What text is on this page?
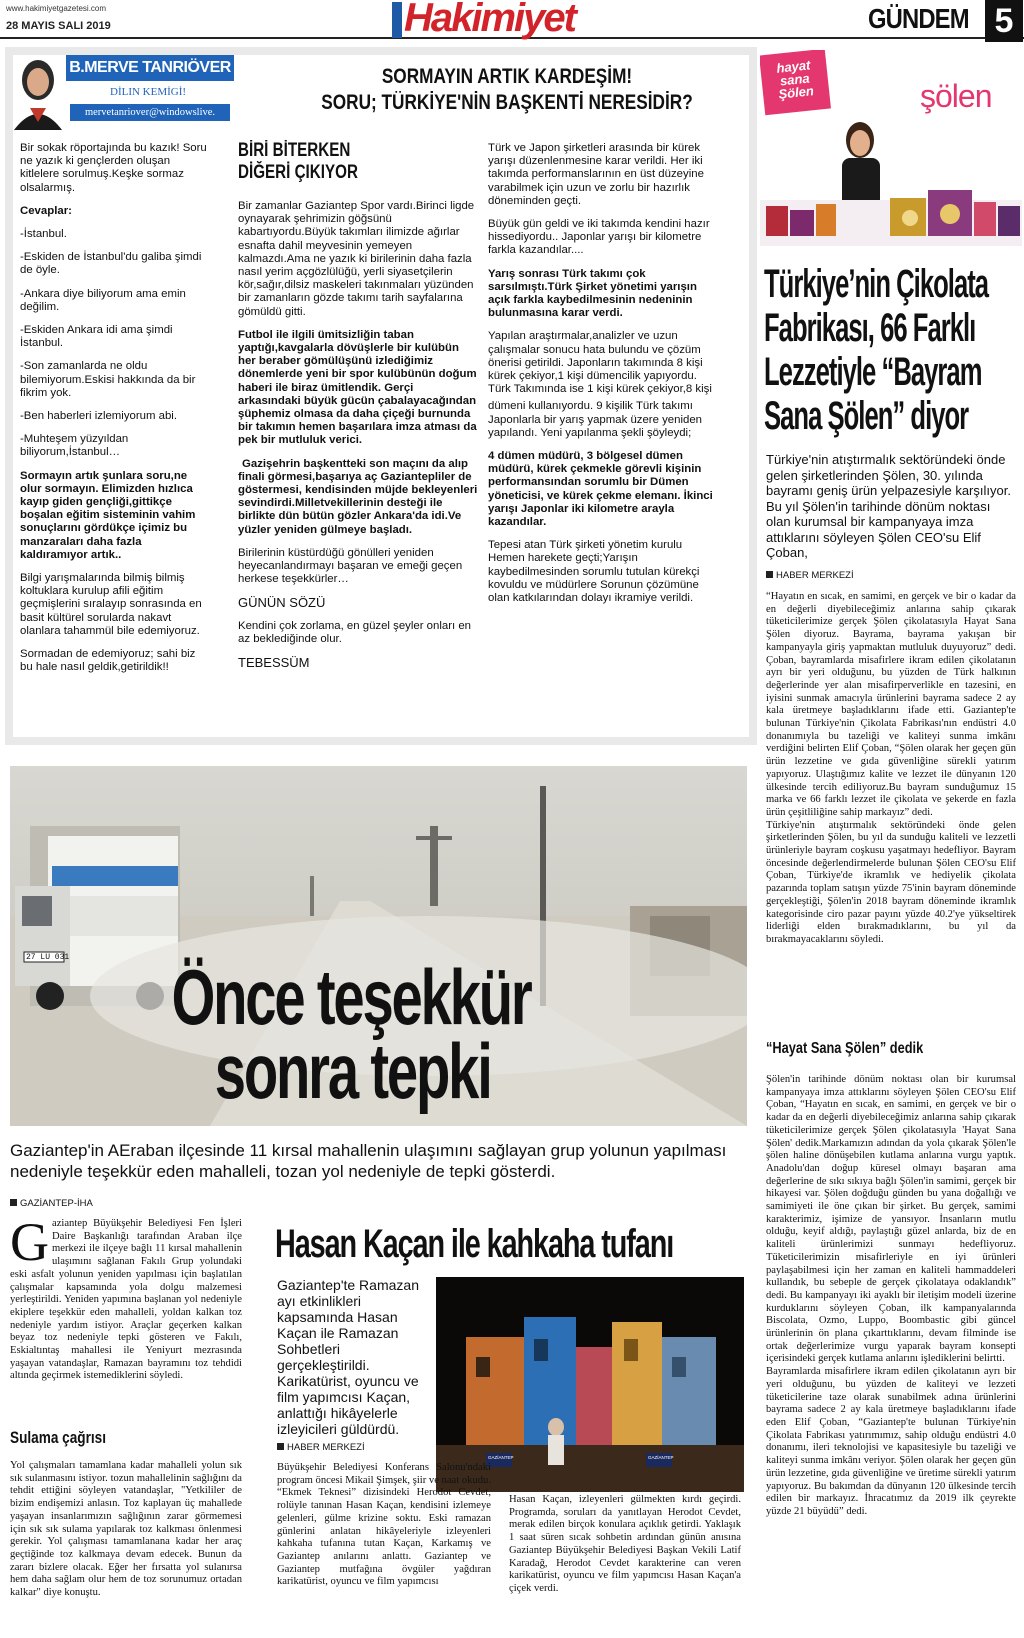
www.hakimiyetgazetesi.com
28 MAYIS SALI 2019	Hakimiyet	GÜNDEM 5
B.MERVE TANRIÖVER
DİLIN KEMİGİ!
mervetanriover@windowslive.
SORMAYIN ARTIK KARDEŞİM!
SORU; TÜRKİYE'NİN BAŞKENTİ NERESİDİR?

Bir sokak röportajında bu kazık! Soru ne yazık ki gençlerden oluşan kitlelere sorulmuş.Keşke sormaz olsalarmış.

Cevaplar:

-İstanbul.

-Eskiden de İstanbul'du galiba şimdi de öyle.

-Ankara diye biliyorum ama emin değilim.

-Eskiden Ankara idi ama şimdi İstanbul.

-Son zamanlarda ne oldu bilemiyorum.Eskisi hakkında da bir fikrim yok.

-Ben haberleri izlemiyorum abi.

-Muhteşem yüzyıldan biliyorum,İstanbul…

Sormayın artık şunlara soru,ne olur sormayın. Elimizden hızlıca kayıp giden gençliği,gittikçe boşalan eğitim sisteminin vahim sonuçlarını gördükçe içimiz bu manzaraları daha fazla kaldıramıyor artık..

Bilgi yarışmalarında bilmiş bilmiş koltuklara kurulup afili eğitim geçmişlerini sıralayıp sonrasında en basit kültürel sorularda nakavt olanlara tahammül bile edemiyoruz.

Sormadan de edemiyoruz; sahi biz bu hale nasıl geldik,getirildik!!

BİRİ BİTERKEN
DİĞERİ ÇIKIYOR

Bir zamanlar Gaziantep Spor vardı.Birinci ligde oynayarak şehrimizin göğsünü kabartıyordu.Büyük takımları ilimizde ağırlar esnafta dahil meyvesinin yemeyen kalmazdı.Ama ne yazık ki birilerinin daha fazla nasıl yerim açgözlülüğü, yerli siyasetçilerin kör,sağır,dilsiz maskeleri takınmaları yüzünden bir zamanların gözde takımı tarih sayfalarına gömüldü gitti.

Futbol ile ilgili ümitsizliğin taban yaptığı,kavgalarla dövüşlerle bir kulübün her beraber gömülüşünü izlediğimiz dönemlerde yeni bir spor kulübünün doğum haberi ile biraz ümitlendik. Gerçi arkasındaki büyük gücün çabalayacağından şüphemiz olmasa da daha çiçeği burnunda bir takımın hemen başarılara imza atması da pek bir mutluluk verici.

Gazişehrin başkentteki son maçını da alıp finali görmesi,başarıya aç Gaziantepliler de göstermesi, kendisinden müjde bekleyenleri sevindirdi.Milletvekillerinin desteği ile birlikte dün bütün gözler Ankara'da idi.Ve yüzler yeniden gülmeye başladı.

Birilerinin küstürdüğü gönülleri yeniden heyecanlandırmayı başaran ve emeği geçen herkese teşekkürler…

GÜNÜN SÖZÜ

Kendini çok zorlama, en güzel şeyler onları en az beklediğinde olur.

TEBESSÜM

Türk ve Japon şirketleri arasında bir kürek yarışı düzenlenmesine karar verildi. Her iki takımda performanslarının en üst düzeyine varabilmek için uzun ve zorlu bir hazırlık döneminden geçti.

Büyük gün geldi ve iki takımda kendini hazır hissediyordu.. Japonlar yarışı bir kilometre farkla kazandılar....

Yarış sonrası Türk takımı çok sarsılmıştı.Türk Şirket yönetimi yarışın açık farkla kaybedilmesinin nedeninin bulunmasına karar verdi.

Yapılan araştırmalar,analizler ve uzun çalışmalar sonucu hata bulundu ve çözüm önerisi getirildi. Japonların takımında 8 kişi kürek çekiyor,1 kişi dümencilik yapıyordu. Türk Takımında ise 1 kişi kürek çekiyor,8 kişi

dümeni kullanıyordu. 9 kişilik Türk takımı Japonlarla bir yarış yapmak üzere yeniden yapılandı. Yeni yapılanma şekli şöyleydi;

4 dümen müdürü, 3 bölgesel dümen müdürü, kürek çekmekle görevli kişinin performansından sorumlu bir Dümen yöneticisi, ve kürek çekme elemanı. İkinci yarışı Japonlar iki kilometre arayla kazandılar.

Tepesi atan Türk şirketi yönetim kurulu Hemen harekete geçti;Yarışın kaybedilmesinden sorumlu tutulan kürekçi kovuldu ve müdürlere Sorunun çözümüne olan katkılarından dolayı ikramiye verildi.

hayat
sana
Şölen	şölen
Türkiye’nin Çikolata Fabrikası, 66 Farklı Lezzetiyle “Bayram Sana Şölen” diyor
Türkiye'nin atıştırmalık sektöründeki önde gelen şirketlerinden Şölen, 30. yılında bayramı geniş ürün yelpazesiyle karşılıyor. Bu yıl Şölen'in tarihinde dönüm noktası olan kurumsal bir kampanyaya imza attıklarını söyleyen Şölen CEO'su Elif Çoban,
HABER MERKEZİ

“Hayatın en sıcak, en samimi, en gerçek ve bir o kadar da en değerli diyebileceğimiz anlarına sahip çıkarak tüketicilerimize gerçek Şölen çikolatasıyla Hayat Sana Şölen diyoruz. Bayrama, bayrama yakışan bir kampanyayla giriş yapmaktan mutluluk duyuyoruz” dedi. Çoban, bayramlarda misafirlere ikram edilen çikolatanın ayrı bir yeri olduğunu, bu yüzden de Türk halkının değerlerinde yer alan misafirperverlikle en tazesini, en iyisini sunmak amacıyla ürünlerini bayrama sadece 2 ay kala üretmeye başladıklarını ifade etti. Gaziantep'te bulunan Türkiye'nin Çikolata Fabrikası'nın endüstri 4.0 donanımıyla bu tazeliği ve kaliteyi sunma imkânı verdiğini belirten Elif Çoban, “Şölen olarak her geçen gün ürün lezzetine ve gıda güvenliğine sürekli yatırım yapıyoruz. Ulaştığımız kalite ve lezzet ile dünyanın 120 ülkesinde tercih ediliyoruz.Bu bayram sunduğumuz 15 marka ve 66 farklı lezzet ile çikolata ve şekerde en fazla ürün çeşitliliğine sahip markayız” dedi.

Türkiye'nin atıştırmalık sektöründeki önde gelen şirketlerinden Şölen, bu yıl da sunduğu kaliteli ve lezzetli ürünleriyle bayram coşkusu yaşatmayı hedefliyor. Bayram öncesinde değerlendirmelerde bulunan Şölen CEO'su Elif Çoban, Türkiye'de ikramlık ve hediyelik çikolata pazarında toplam satışın yüzde 75'inin bayram döneminde gerçekleştiği, Şölen'in 2018 bayram döneminde ikramlık kategorisinde ciro pazar payını yüzde 40.2'ye yükseltirek liderliği elden bırakmadıklarını, bu yıl da bırakmayacaklarını söyledi.

“Hayat Sana Şölen” dedik

Şölen'in tarihinde dönüm noktası olan bir kurumsal kampanyaya imza attıklarını söyleyen Şölen CEO'su Elif Çoban, “Hayatın en sıcak, en samimi, en gerçek ve bir o kadar da en değerli diyebileceğimiz anlarına sahip çıkarak tüketicilerimize gerçek Şölen çikolatasıyla 'Hayat Sana Şölen' dedik.Markamızın adından da yola çıkarak Şölen'le şölen haline dönüşebilen kutlama anlarına vurgu yaptık. Anadolu'dan doğup küresel olmayı başaran ama değerlerine de sıkı sıkıya bağlı Şölen'in samimi, gerçek bir hikayesi var. Şölen doğduğu günden bu yana doğallığı ve samimiyeti ile öne çıkan bir şirket. Bu gerçek, samimi karakterimiz, işimize de yansıyor. İnsanların mutlu olduğu, keyif aldığı, paylaştığı güzel anlarda, biz de en kaliteli ürünlerimizi sunmayı hedefliyoruz. Tüketicilerimizin misafirleriyle en iyi ürünleri paylaşabilmesi için her zaman en kaliteli hammaddeleri kullandık, bu sebeple de gerçek çikolataya odaklandık” dedi. Bu kampanyayı iki ayaklı bir iletişim modeli üzerine kurduklarını söyleyen Çoban, ilk kampanyalarında Biscolata, Ozmo, Luppo, Boombastic gibi güncel ürünlerinin ön plana çıkarttıklarını, devam filminde ise ortak değerlerimize vurgu yaparak bayram konsepti içerisindeki gerçek kutlama anlarını işlediklerini belirtti.

Bayramlarda misafirlere ikram edilen çikolatanın ayrı bir yeri olduğunu, bu yüzden de kaliteyi ve lezzeti tüketicilerine taze olarak sunabilmek adına ürünlerini bayrama sadece 2 ay kala üretmeye başladıklarını ifade eden Elif Çoban, “Gaziantep'te bulunan Türkiye'nin Çikolata Fabrikası yatırımımız, sahip olduğu endüstri 4.0 donanımı, ileri teknolojisi ve kapasitesiyle bu tazeliği ve kaliteyi sunma imkânı veriyor. Şölen olarak her geçen gün ürün lezzetine, gıda güvenliğine ve üretime sürekli yatırım yapıyoruz. Bu bakımdan da dünyanın 120 ülkesinde tercih edilen bir markayız. İhracatımız da 2019 ilk çeyrekte yüzde 21 büyüdü” dedi.

27 LU 031 Önce teşekkür
sonra tepki
Gaziantep'in AEraban ilçesinde 11 kırsal mahallenin ulaşımını sağlayan grup yolunun yapılması nedeniyle teşekkür eden mahalleli, tozan yol nedeniyle de tepki gösterdi.
GAZİANTEP-İHA
G aziantep Büyükşehir Belediyesi Fen İşleri Daire Başkanlığı tarafından Araban ilçe merkezi ile ilçeye bağlı 11 kırsal mahallenin ulaşımını sağlanan Fakılı Grup yolundaki eski asfalt yolunun yeniden yapılması için başlatılan çalışmalar kapsamında yola dolgu malzemesi yerleştirildi. Yeniden yapımına başlanan yol nedeniyle ekiplere teşekkür eden mahalleli, yoldan kalkan toz nedeniyle yardım istiyor. Araçlar geçerken kalkan beyaz toz nedeniyle tepki gösteren ve Fakılı, Eskialtıntaş mahallesi ile Yeniyurt mezrasında yaşayan vatandaşlar, Ramazan bayramını toz tehdidi altında geçirmek istemediklerini söyledi.
Sulama çağrısı
Yol çalışmaları tamamlana kadar mahalleli yolun sık sık sulanmasını istiyor. tozun mahallelinin sağlığını da tehdit ettiğini söyleyen vatandaşlar, "Yetkililer de bizim endişemizi anlasın. Toz kaplayan üç mahallede yaşayan insanlarımızın sağlığının zarar görmemesi için sık sık sulama yapılarak toz kalkması önlenmesi gerekir. Yol çalışması tamamlanana kadar her araç geçtiğinde toz kalkmaya devam edecek. Bunun da zararı bizlere olacak. Eğer her fırsatta yol sulanırsa hem daha sağlam olur hem de toz sorunumuz ortadan kalkar" diye konuştu.
Hasan Kaçan ile kahkaha tufanı
Gaziantep'te Ramazan ayı etkinlikleri kapsamında Hasan Kaçan ile Ramazan Sohbetleri gerçekleştirildi. Karikatürist, oyuncu ve film yapımcısı Kaçan, anlattığı hikâyelerle izleyicileri güldürdü.
HABER MERKEZİ
GAZİANTEP	GAZİANTEP
Büyükşehir Belediyesi Konferans Salonu'ndaki program öncesi Mikail Şimşek, şiir ve naat okudu. “Ekmek Teknesi” dizisindeki Herodot Cevdet, rolüyle tanınan Hasan Kaçan, kendisini izlemeye gelenleri, gülme krizine soktu. Eski ramazan günlerini anlatan hikâyeleriyle izleyenleri kahkaha tufanına tutan Kaçan, Karkamış ve Gaziantep anılarını anlattı. Gaziantep ve Gaziantep mutfağına övgüler yağdıran karikatürist, oyuncu ve film yapımcısı
Hasan Kaçan, izleyenleri gülmekten kırdı geçirdi. Programda, soruları da yanıtlayan Herodot Cevdet, merak edilen birçok konulara açıklık getirdi. Yaklaşık 1 saat süren sıcak sohbetin ardından günün anısına Gaziantep Büyükşehir Belediyesi Başkan Vekili Latif Karadağ, Herodot Cevdet karakterine can veren karikatürist, oyuncu ve film yapımcısı Hasan Kaçan'a çiçek verdi.
